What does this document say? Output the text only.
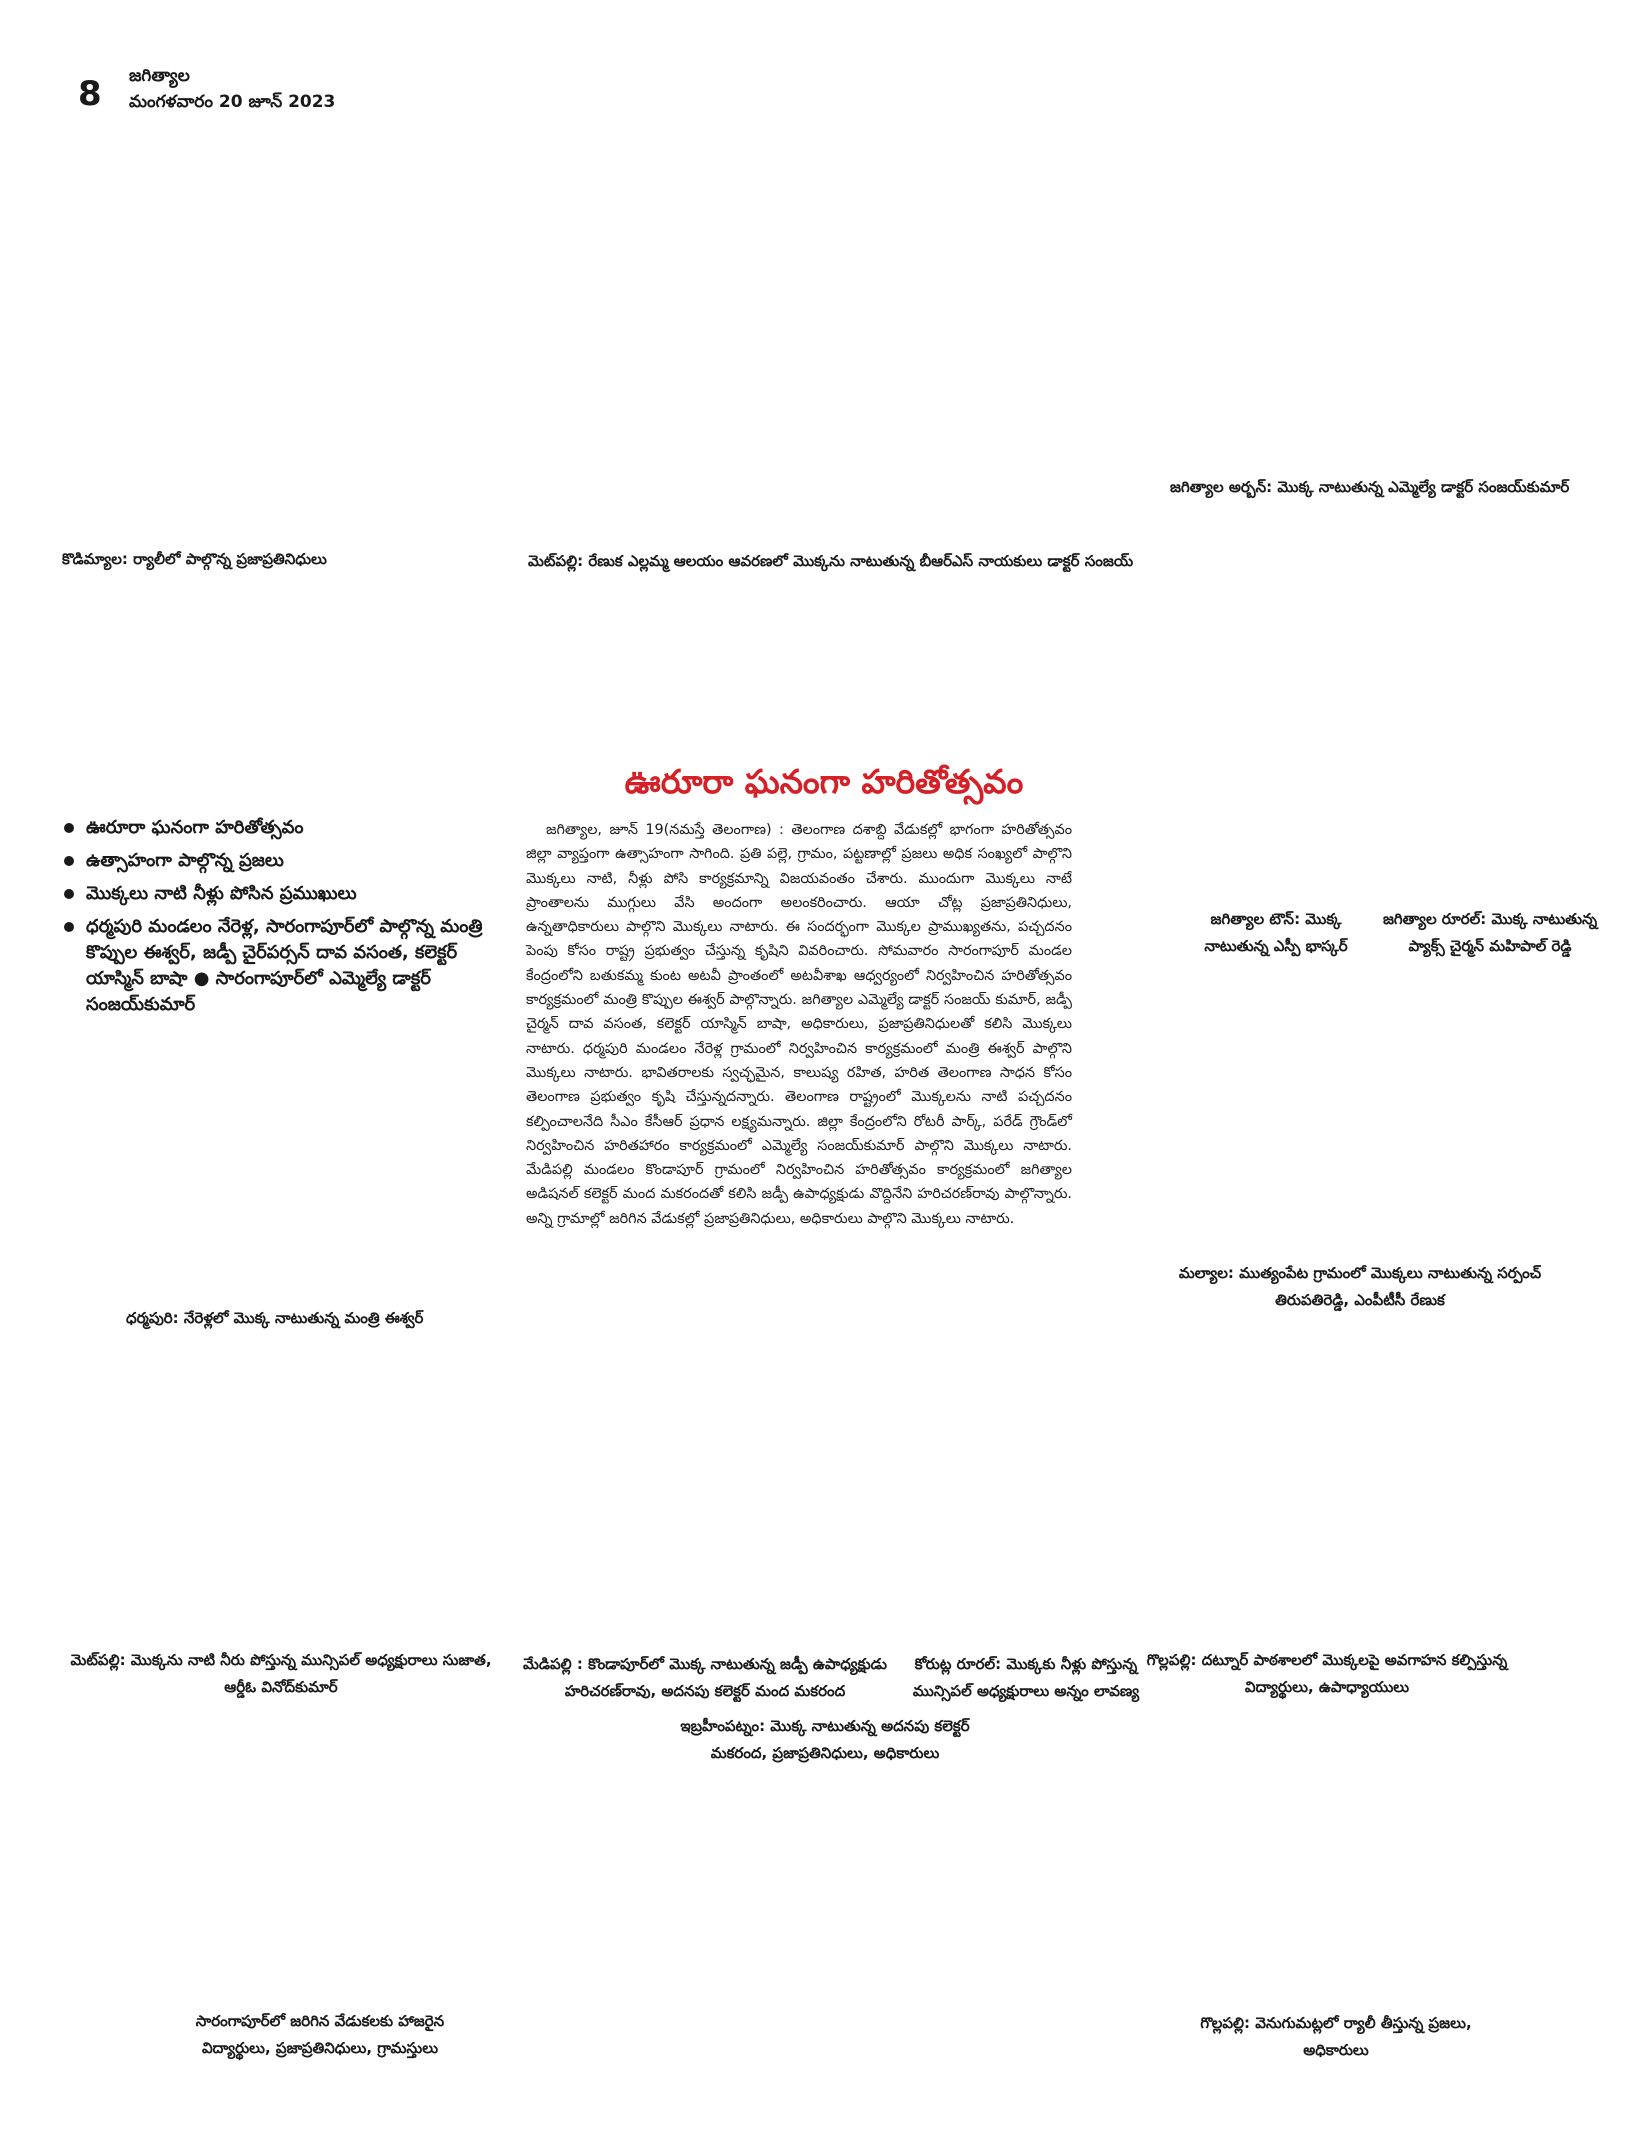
8 జగిత్యాల
మంగళవారం 20 జూన్ 2023
జగిత్యాల అర్బన్: మొక్క నాటుతున్న ఎమ్మెల్యే డాక్టర్ సంజయ్‌కుమార్
కొడిమ్యాల: ర్యాలీలో పాల్గొన్న ప్రజాప్రతినిధులు	మెట్‌పల్లి: రేణుక ఎల్లమ్మ ఆలయం ఆవరణలో మొక్కను నాటుతున్న బీఆర్‌ఎస్ నాయకులు డాక్టర్ సంజయ్
ఊరూరా ఘనంగా హరితోత్సవం
ఊరూరా ఘనంగా హరితోత్సవం
ఉత్సాహంగా పాల్గొన్న ప్రజలు
మొక్కలు నాటి నీళ్లు పోసిన ప్రముఖులు
ధర్మపురి మండలం నేరెళ్ల, సారంగాపూర్‌లో పాల్గొన్న మంత్రి కొప్పుల ఈశ్వర్, జడ్పీ చైర్‌పర్సన్ దావ వసంత, కలెక్టర్ యాస్మిన్ బాషా ● సారంగాపూర్‌లో ఎమ్మెల్యే డాక్టర్ సంజయ్‌కుమార్

జగిత్యాల, జూన్ 19(నమస్తే తెలంగాణ) : తెలంగాణ దశాబ్ది వేడుకల్లో భాగంగా హరితోత్సవం జిల్లా వ్యాప్తంగా ఉత్సాహంగా సాగింది. ప్రతి పల్లె, గ్రామం, పట్టణాల్లో ప్రజలు అధిక సంఖ్యలో పాల్గొని మొక్కలు నాటి, నీళ్లు పోసి కార్యక్రమాన్ని విజయవంతం చేశారు. ముందుగా మొక్కలు నాటే ప్రాంతాలను ముగ్గులు వేసి అందంగా అలంకరించారు. ఆయా చోట్ల ప్రజాప్రతినిధులు, ఉన్నతాధికారులు పాల్గొని మొక్కలు నాటారు. ఈ సందర్భంగా మొక్కల ప్రాముఖ్యతను, పచ్చదనం పెంపు కోసం రాష్ట్ర ప్రభుత్వం చేస్తున్న కృషిని వివరించారు. సోమవారం సారంగాపూర్ మండల కేంద్రంలోని బతుకమ్మ కుంట అటవీ ప్రాంతంలో అటవీశాఖ ఆధ్వర్యంలో నిర్వహించిన హరితోత్సవం కార్యక్రమంలో మంత్రి కొప్పుల ఈశ్వర్ పాల్గొన్నారు. జగిత్యాల ఎమ్మెల్యే డాక్టర్ సంజయ్ కుమార్, జడ్పీ చైర్మన్ దావ వసంత, కలెక్టర్ యాస్మిన్ బాషా, అధికారులు, ప్రజాప్రతినిధులతో కలిసి మొక్కలు నాటారు. ధర్మపురి మండలం నేరెళ్ల గ్రామంలో నిర్వహించిన కార్యక్రమంలో మంత్రి ఈశ్వర్ పాల్గొని మొక్కలు నాటారు. భావితరాలకు స్వచ్ఛమైన, కాలుష్య రహిత, హరిత తెలంగాణ సాధన కోసం తెలంగాణ ప్రభుత్వం కృషి చేస్తున్నదన్నారు. తెలంగాణ రాష్ట్రంలో మొక్కలను నాటి పచ్చదనం కల్పించాలనేది సీఎం కేసీఆర్ ప్రధాన లక్ష్యమన్నారు. జిల్లా కేంద్రంలోని రోటరీ పార్క్, పరేడ్ గ్రౌండ్‌లో నిర్వహించిన హరితహారం కార్యక్రమంలో ఎమ్మెల్యే సంజయ్‌కుమార్ పాల్గొని మొక్కలు నాటారు. మేడిపల్లి మండలం కొండాపూర్ గ్రామంలో నిర్వహించిన హరితోత్సవం కార్యక్రమంలో జగిత్యాల అడిషనల్ కలెక్టర్ మంద మకరందతో కలిసి జడ్పీ ఉపాధ్యక్షుడు వొద్దినేని హరిచరణ్‌రావు పాల్గొన్నారు. అన్ని గ్రామాల్లో జరిగిన వేడుకల్లో ప్రజాప్రతినిధులు, అధికారులు పాల్గొని మొక్కలు నాటారు.

జగిత్యాల టౌన్: మొక్క
నాటుతున్న ఎస్పీ భాస్కర్
జగిత్యాల రూరల్: మొక్క నాటుతున్న
ప్యాక్స్ చైర్మన్ మహిపాల్ రెడ్డి
మల్యాల: ముత్యంపేట గ్రామంలో మొక్కలు నాటుతున్న సర్పంచ్
తిరుపతిరెడ్డి, ఎంపీటీసీ రేణుక
ధర్మపురి: నేరెళ్లలో మొక్క నాటుతున్న మంత్రి ఈశ్వర్
మెట్‌పల్లి: మొక్కను నాటి నీరు పోస్తున్న మున్సిపల్ అధ్యక్షురాలు సుజాత,
ఆర్డీఓ వినోద్‌కుమార్
మేడిపల్లి : కొండాపూర్‌లో మొక్క నాటుతున్న జడ్పీ ఉపాధ్యక్షుడు
హరిచరణ్‌రావు, అదనపు కలెక్టర్ మంద మకరంద
కోరుట్ల రూరల్: మొక్కకు నీళ్లు పోస్తున్న
మున్సిపల్ అధ్యక్షురాలు అన్నం లావణ్య
గొల్లపల్లి: దట్నూర్ పాఠశాలలో మొక్కలపై అవగాహన కల్పిస్తున్న
విద్యార్థులు, ఉపాధ్యాయులు
ఇబ్రహీంపట్నం: మొక్క నాటుతున్న అదనపు కలెక్టర్
మకరంద, ప్రజాప్రతినిధులు, అధికారులు
సారంగాపూర్‌లో జరిగిన వేడుకలకు హాజరైన
విద్యార్థులు, ప్రజాప్రతినిధులు, గ్రామస్తులు
గొల్లపల్లి: వెనుగుమట్లలో ర్యాలీ తీస్తున్న ప్రజలు,
అధికారులు
